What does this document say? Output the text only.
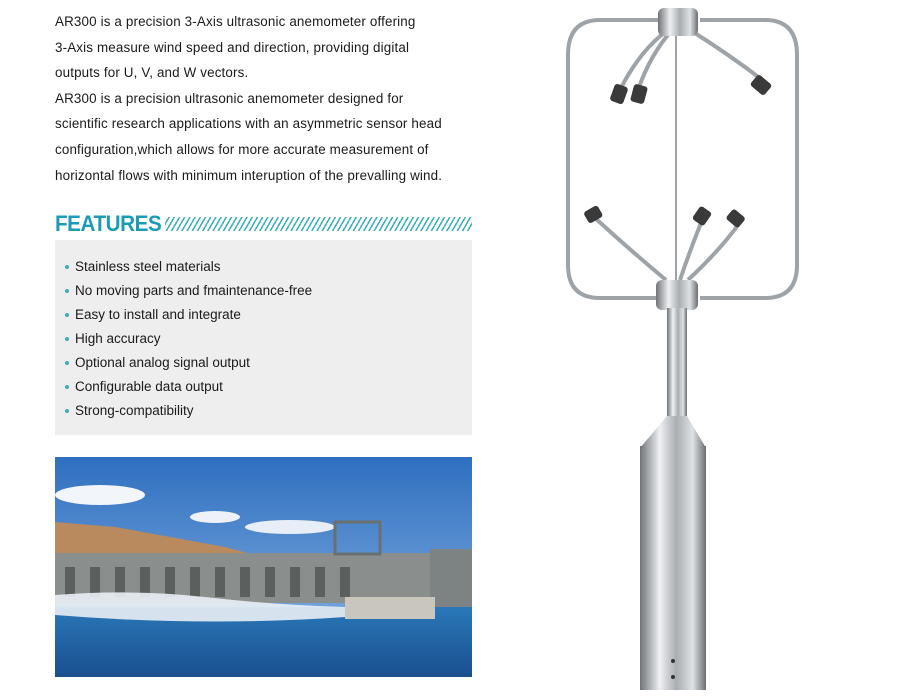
AR300 is a precision 3-Axis ultrasonic anemometer offering
3-Axis measure wind speed and direction, providing digital
outputs for U, V, and W vectors.
AR300 is a precision ultrasonic anemometer designed for
scientific research applications with an asymmetric sensor head
configuration,which allows for more accurate measurement of
horizontal flows with minimum interuption of the prevalling wind.
FEATURES
Stainless steel materials
No moving parts and fmaintenance-free
Easy to install and integrate
High accuracy
Optional analog signal output
Configurable data output
Strong-compatibility
